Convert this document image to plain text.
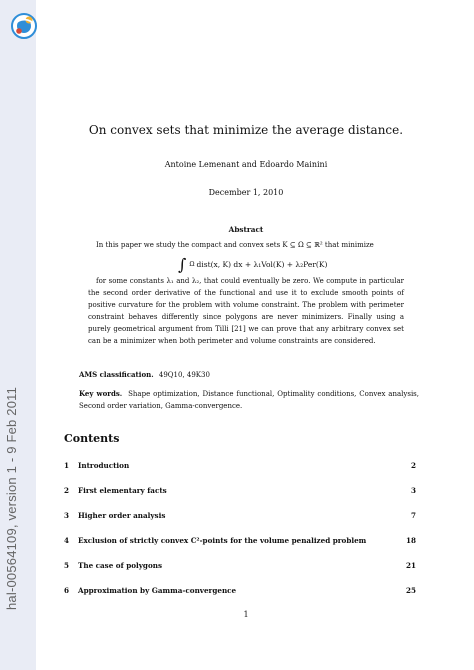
hal-00564109, version 1 - 9 Feb 2011
On convex sets that minimize the average distance.
Antoine Lemenant and Edoardo Mainini
December 1, 2010
Abstract

In this paper we study the compact and convex sets K ⊆ Ω ⊆ ℝ² that minimize

∫ Ω dist(x, K) dx + λ₁Vol(K) + λ₂Per(K)

for some constants λ₁ and λ₂, that could eventually be zero. We compute in particular the second order derivative of the functional and use it to exclude smooth points of positive curvature for the problem with volume constraint. The problem with perimeter constraint behaves differently since polygons are never minimizers. Finally using a purely geometrical argument from Tilli [21] we can prove that any arbitrary convex set can be a minimizer when both perimeter and volume constraints are considered.

AMS classification. 49Q10, 49K30
Key words. Shape optimization, Distance functional, Optimality conditions, Convex analysis, Second order variation, Gamma-convergence.
Contents
1	Introduction	2
2	First elementary facts	3
3	Higher order analysis	7
4	Exclusion of strictly convex C²-points for the volume penalized problem	18
5	The case of polygons	21
6	Approximation by Gamma-convergence	25
1
